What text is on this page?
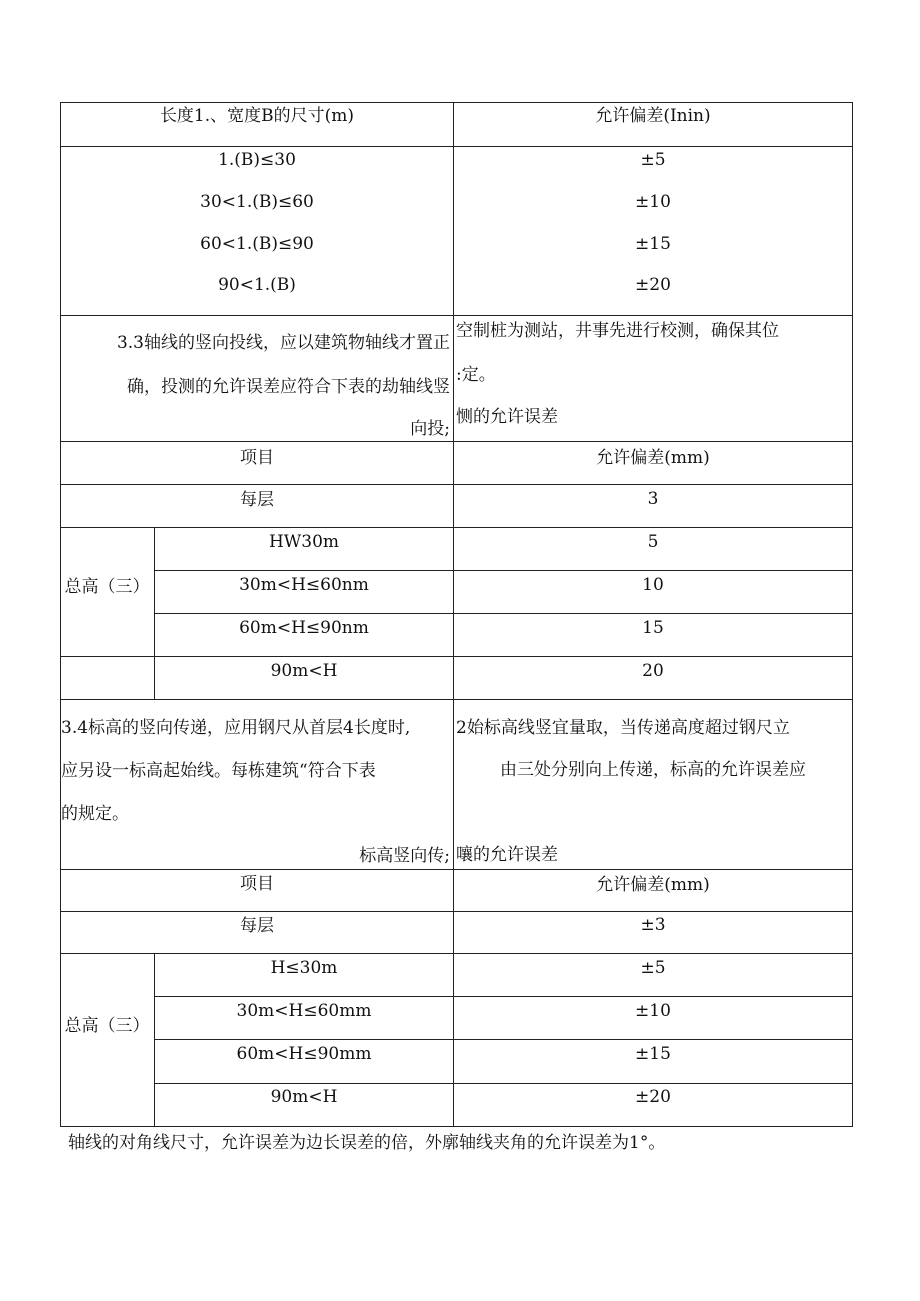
长度1.、宽度B的尺寸(m)	允许偏差(Inin)
1.(B)≤30	±5
30<1.(B)≤60	±10
60<1.(B)≤90	±15
90<1.(B)	±20
3.3轴线的竖向投线，应以建筑物轴线才置正
确，投测的允许误差应符合下表的劫轴线竖
向投;
空制桩为测站，井事先进行校测，确保其位
:定。
恻的允许误差
项目	允许偏差(mm)
每层	3
总高（三）
HW30m	5
30m<H≤60nm	10
60m<H≤90nm	15
90m<H	20
3.4标高的竖向传递，应用钢尺从首层4长度时,
应另设一标高起始线。每栋建筑“符合下表
的规定。
标高竖向传;
2始标高线竖宜量取，当传递高度超过钢尺立
由三处分别向上传递，标高的允许误差应
嚷的允许误差
项目	允许偏差(mm)
每层	±3
总高（三）
H≤30m	±5
30m<H≤60mm	±10
60m<H≤90mm	±15
90m<H	±20
轴线的对角线尺寸，允许误差为边长误差的倍，外廓轴线夹角的允许误差为1°。
